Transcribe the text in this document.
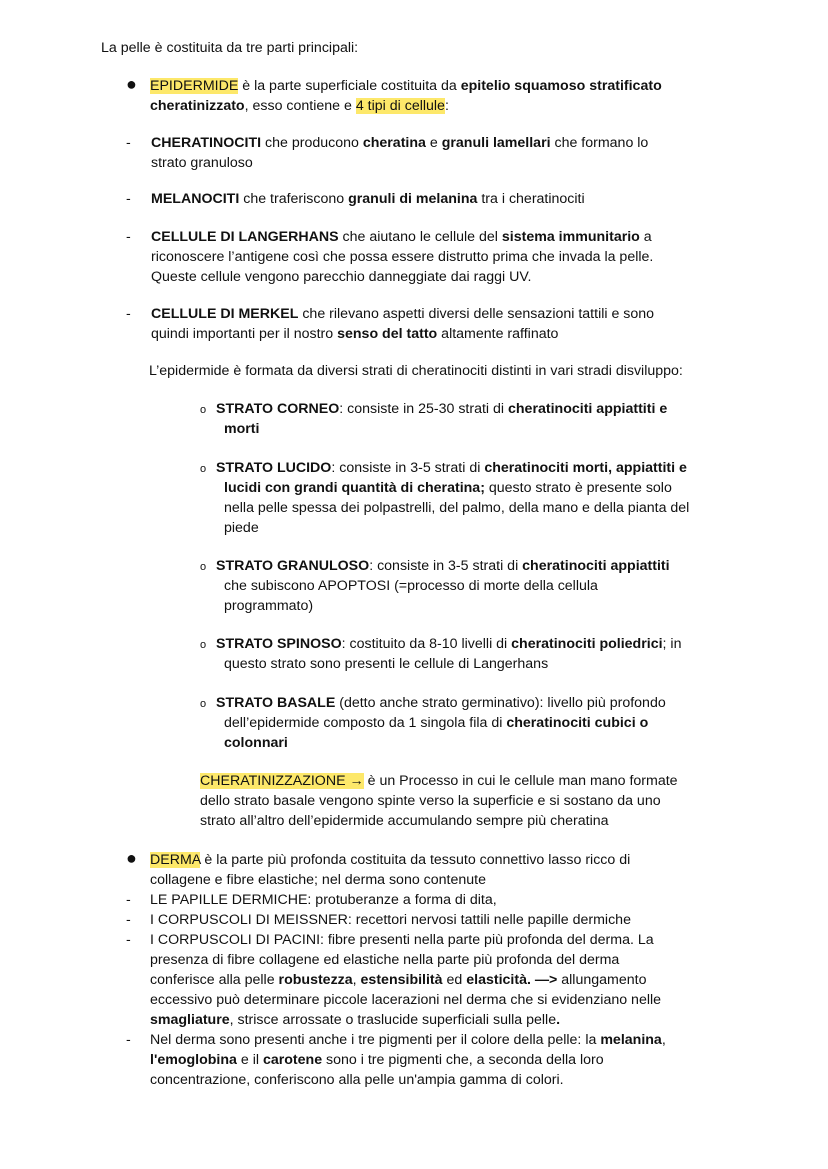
La pelle è costituita da tre parti principali:
● EPIDERMIDE è la parte superficiale costituita da epitelio squamoso stratificato
cheratinizzato, esso contiene e 4 tipi di cellule:
- CHERATINOCITI che producono cheratina e granuli lamellari che formano lo
strato granuloso
- MELANOCITI che traferiscono granuli di melanina tra i cheratinociti
- CELLULE DI LANGERHANS che aiutano le cellule del sistema immunitario a
riconoscere l’antigene così che possa essere distrutto prima che invada la pelle.
Queste cellule vengono parecchio danneggiate dai raggi UV.
- CELLULE DI MERKEL che rilevano aspetti diversi delle sensazioni tattili e sono
quindi importanti per il nostro senso del tatto altamente raffinato
L’epidermide è formata da diversi strati di cheratinociti distinti in vari stradi disviluppo:
o STRATO CORNEO: consiste in 25-30 strati di cheratinociti appiattiti e
morti
o STRATO LUCIDO: consiste in 3-5 strati di cheratinociti morti, appiattiti e
lucidi con grandi quantità di cheratina; questo strato è presente solo
nella pelle spessa dei polpastrelli, del palmo, della mano e della pianta del
piede
o STRATO GRANULOSO: consiste in 3-5 strati di cheratinociti appiattiti
che subiscono APOPTOSI (=processo di morte della cellula
programmato)
o STRATO SPINOSO: costituito da 8-10 livelli di cheratinociti poliedrici; in
questo strato sono presenti le cellule di Langerhans
o STRATO BASALE (detto anche strato germinativo): livello più profondo
dell’epidermide composto da 1 singola fila di cheratinociti cubici o
colonnari
CHERATINIZZAZIONE → è un Processo in cui le cellule man mano formate
dello strato basale vengono spinte verso la superficie e si sostano da uno
strato all’altro dell’epidermide accumulando sempre più cheratina
● DERMA è la parte più profonda costituita da tessuto connettivo lasso ricco di
collagene e fibre elastiche; nel derma sono contenute
- LE PAPILLE DERMICHE: protuberanze a forma di dita,
- I CORPUSCOLI DI MEISSNER: recettori nervosi tattili nelle papille dermiche
- I CORPUSCOLI DI PACINI: fibre presenti nella parte più profonda del derma. La
presenza di fibre collagene ed elastiche nella parte più profonda del derma
conferisce alla pelle robustezza, estensibilità ed elasticità. —> allungamento
eccessivo può determinare piccole lacerazioni nel derma che si evidenziano nelle
smagliature, strisce arrossate o traslucide superficiali sulla pelle.
- Nel derma sono presenti anche i tre pigmenti per il colore della pelle: la melanina,
l'emoglobina e il carotene sono i tre pigmenti che, a seconda della loro
concentrazione, conferiscono alla pelle un'ampia gamma di colori.
